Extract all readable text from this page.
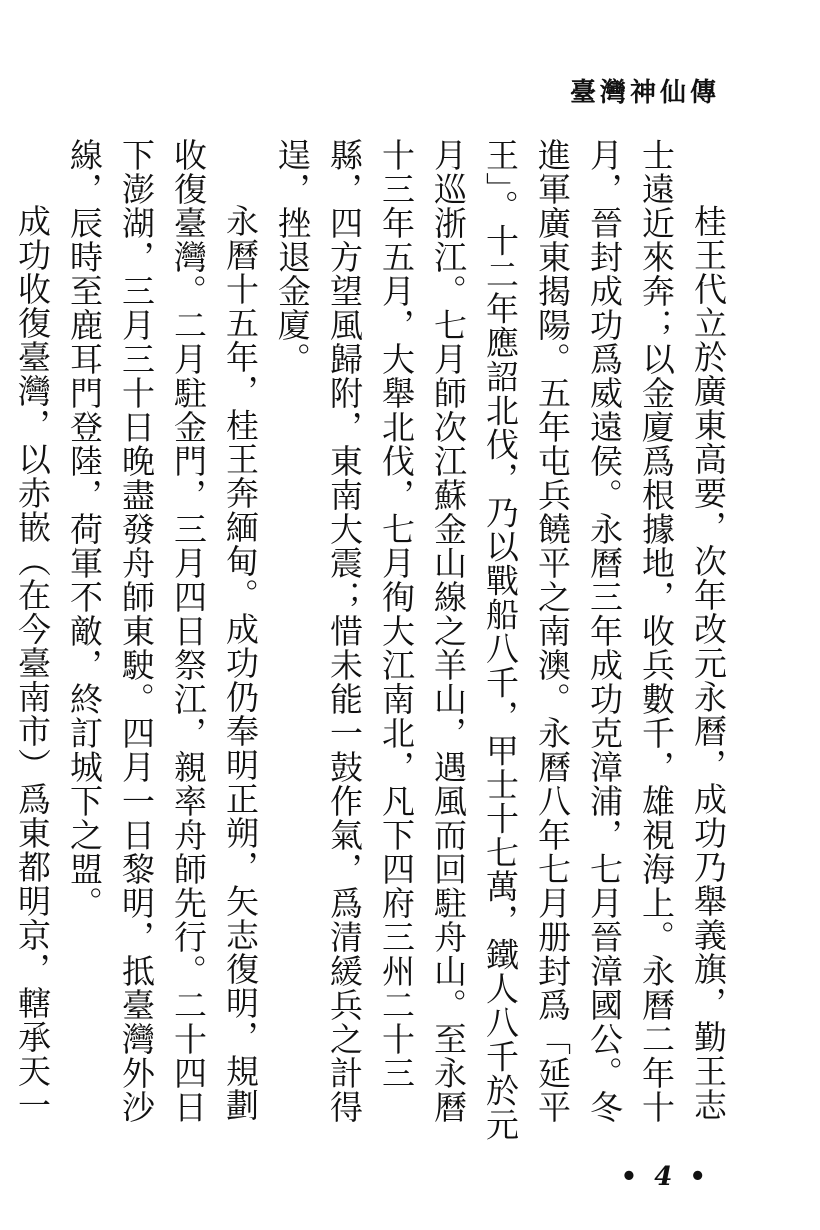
臺灣神仙傳

桂王代立於廣東高要，次年改元永曆，成功乃舉義旗，勤王志士遠近來奔；以金廈爲根據地，收兵數千，雄視海上。永曆二年十月，晉封成功爲威遠侯。永曆三年成功克漳浦，七月晉漳國公。冬進軍廣東揭陽。五年屯兵饒平之南澳。永曆八年七月册封爲「延平王」。十二年應詔北伐，乃以戰船八千，甲士十七萬，鐵人八千於元月巡浙江。七月師次江蘇金山線之羊山，遇風而回駐舟山。至永曆十三年五月，大舉北伐，七月徇大江南北，凡下四府三州二十三縣，四方望風歸附，東南大震；惜未能一鼓作氣，爲清緩兵之計得逞，挫退金廈。

永曆十五年，桂王奔緬甸。成功仍奉明正朔，矢志復明，規劃收復臺灣。二月駐金門，三月四日祭江，親率舟師先行。二十四日下澎湖，三月三十日晚盡發舟師東駛。四月一日黎明，抵臺灣外沙線，辰時至鹿耳門登陸，荷軍不敵，終訂城下之盟。

成功收復臺灣，以赤嵌（在今臺南市）爲東都明京，轄承天一

• 4 •
